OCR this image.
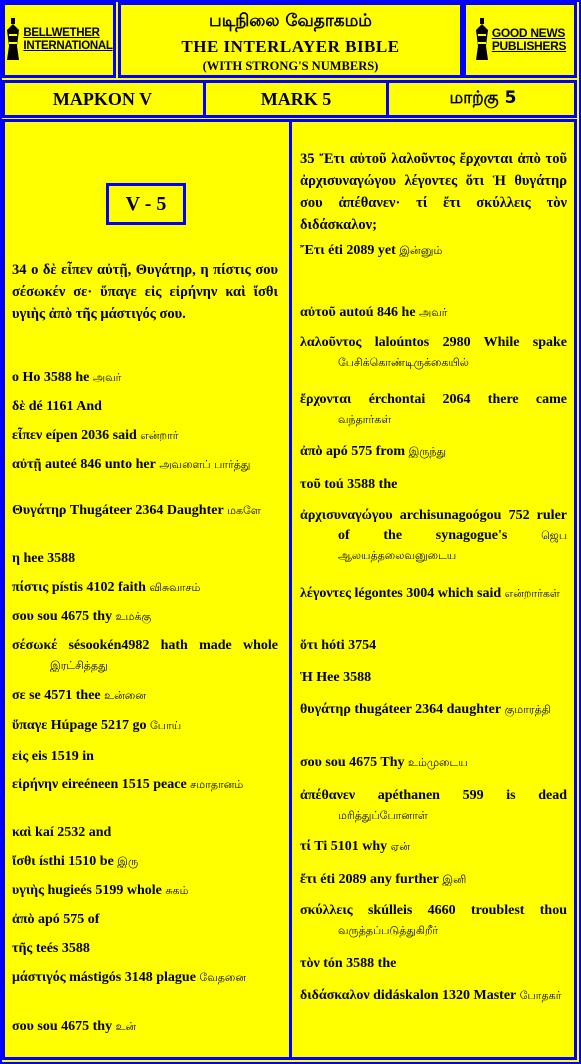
BELLWETHER
INTERNATIONAL
படிநிலை வேதாகமம்
THE INTERLAYER BIBLE
(WITH STRONG'S NUMBERS)
GOOD NEWS
PUBLISHERS
MAPKON V	MARK 5	மாற்கு 5
V - 5
34 ο δὲ εἶπεν αὐτῇ, Θυγάτηρ, η πίστις σου σέσωκέν σε· ὕπαγε εἰς εἰρήνην καὶ ἴσθι υγιὴς ἀπὸ τῆς μάστιγός σου.
35 Ἔτι αὐτοῦ λαλοῦντος ἔρχονται ἀπὸ τοῦ ἀρχισυναγώγου λέγοντες ὅτι Ἡ θυγάτηρ σου ἀπέθανεν· τί ἔτι σκύλλεις τὸν διδάσκαλον;
ο Ho 3588 he அவர்
δὲ dé 1161 And
εἶπεν eípen 2036 said என்றார்
αὐτῇ auteé 846 unto her அவளைப் பார்த்து
Θυγάτηρ Thugáteer 2364 Daughter மகளே
η hee 3588
πίστις pístis 4102 faith விசுவாசம்
σου sou 4675 thy உமக்கு
σέσωκέ sésookén4982 hath made whole இரட்சித்தது
σε se 4571 thee உன்னை
ὕπαγε Húpage 5217 go போய்
εἰς eis 1519 in
εἰρήνην eireéneen 1515 peace சமாதானம்
καὶ kaí 2532 and
ἴσθι ísthi 1510 be இரு
υγιὴς hugieés 5199 whole சுகம்
ἀπὸ apó 575 of
τῆς teés 3588
μάστιγός mástigós 3148 plague வேதனை
σου sou 4675 thy உன்
Ἔτι éti 2089 yet இன்னும்
αὐτοῦ autoú 846 he அவர்
λαλοῦντος laloúntos 2980 While spake பேசிக்கொண்டிருக்கையில்
ἔρχονται érchontai 2064 there came வந்தார்கள்
ἀπὸ apó 575 from இருந்து
τοῦ toú 3588 the
ἀρχισυναγώγου archisunagoógou 752 ruler of the synagogue's	ஜெப ஆலயத்தலைவனுடைய
λέγοντες légontes 3004 which said என்றார்கள்
ὅτι hóti 3754
Ἡ Hee 3588
θυγάτηρ thugáteer 2364 daughter குமாரத்தி
σου sou 4675 Thy உம்முடைய
ἀπέθανεν apéthanen 599 is dead மரித்துப்போனாள்
τί Ti 5101 why ஏன்
ἔτι éti 2089 any further இனி
σκύλλεις skúlleis 4660 troublest thou வருத்தப்படுத்துகிறீர்
τὸν tón 3588 the
διδάσκαλον didáskalon 1320 Master போதகர்
